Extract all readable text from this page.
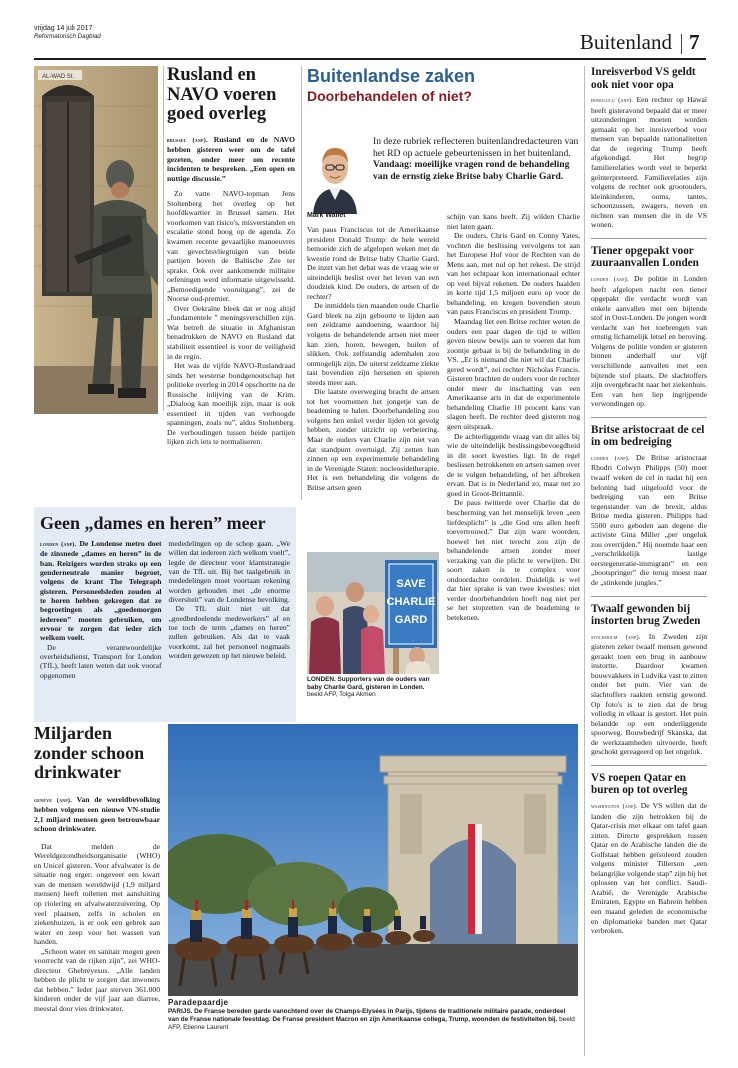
vrijdag 14 juli 2017
Reformatorisch Dagblad	Buitenland 7
AL-WAD St.	Rusland en NAVO voeren goed overleg

brussel (anp). Rusland en de NAVO hebben gisteren weer om de tafel gezeten, onder meer om recente incidenten te bespreken. „Een open en nuttige discussie.”

Zo vatte NAVO-topman Jens Stoltenberg het overleg op het hoofdkwartier in Brussel samen. Het voorkomen van risico's, misverstanden en escalatie stond hoog op de agenda. Zo kwamen recente gevaarlijke manoeuvres van gevechtsvliegtuigen van beide partijen boven de Baltische Zee ter sprake. Ook over aankomende militaire oefeningen werd informatie uitgewisseld. „Bemoedigende vooruitgang”, zei de Noorse oud-premier.

Over Oekraïne bleek dat er nog altijd „fundamentele ” meningsverschillen zijn. Wat betreft de situatie in Afghanistan benadrukken de NAVO en Rusland dat stabiliteit essentieel is voor de veiligheid in de regio.

Het was de vijfde NAVO-Ruslandraad sinds het westerse bondgenootschap het politieke overleg in 2014 opschortte na de Russische inlijving van de Krim. „Dialoog kan moeilijk zijn, maar is ook essentieel in tijden van verhoogde spanningen, zoals nu”, aldus Stoltenberg. De verhoudingen tussen beide partijen lijken zich iets te normaliseren.

Buitenlandse zaken
Doorbehandelen of niet?
Mark Wallet

In deze rubriek reflecteren buitenlandredacteuren van het RD op actuele gebeurtenissen in het buitenland. Vandaag: moeilijke vragen rond de behandeling van de ernstig zieke Britse baby Charlie Gard.

Van paus Franciscus tot de Amerikaanse president Donald Trump: de hele wereld bemoeide zich de afgelopen weken met de kwestie rond de Britse baby Charlie Gard. De inzet van het debat was de vraag wie er uiteindelijk beslist over het leven van een doodziek kind. De ouders, de artsen of de rechter?

De inmiddels tien maanden oude Charlie Gard bleek na zijn geboorte te lijden aan een zeldzame aandoening, waardoor hij volgens de behandelende artsen niet meer kan zien, horen, bewegen, huilen of slikken. Ook zelfstandig ademhalen zou onmogelijk zijn. De uiterst zeldzame ziekte tast bovendien zijn hersenen en spieren steeds meer aan.

Die laatste overweging bracht de artsen tot het voornemen het jongetje van de beademing te halen. Doorbehandeling zou volgens hen enkel verder lijden tot gevolg hebben, zonder uitzicht op verbetering. Maar de ouders van Charlie zijn niet van dat standpunt overtuigd. Zij zetten hun zinnen op een experimentele behandeling in de Verenigde Staten: nucleosidetherapie. Het is een behandeling die volgens de Britse artsen geen

schijn van kans heeft. Zij wilden Charlie niet laten gaan.

De ouders, Chris Gard en Conny Yates, vochten die beslissing vervolgens tot aan het Europese Hof voor de Rechten van de Mens aan, met nul op het rekest. De strijd van het echtpaar kon internationaal echter op veel bijval rekenen. De ouders haalden in korte tijd 1,5 miljoen euro op voor de behandeling, en kregen bovendien steun van paus Franciscus en president Trump.

Maandag liet een Britse rechter weten de ouders een paar dagen de tijd te willen geven nieuw bewijs aan te voeren dat hun zoontje gebaat is bij de behandeling in de VS. „Er is niemand die niet wil dat Charlie gered wordt”, zei rechter Nicholas Francis. Gisteren brachten de ouders voor de rechter onder meer de inschatting van een Amerikaanse arts in dat de experimentele behandeling Charlie 10 procent kans van slagen heeft. De rechter deed gisteren nog geen uitspraak.

De achterliggende vraag van dit alles bij wie de uiteindelijk beslissingsbevoegdheid in dit soort kwesties ligt. In de regel beslissen betrokkenen en artsen samen over de te volgen behandeling, of het afbreken ervan. Dat is in Nederland zo, maar net zo goed in Groot-Brittannië.

De paus twitterde over Charlie dat de bescherming van het menselijk leven „een liefdesplicht” is „die God ons allen heeft toevertrouwd.” Dat zijn ware woorden, hoewel het niet terecht zou zijn de behandelende artsen zonder meer verzaking van die plicht te verwijten. Dit soort zaken is te complex voor ondoordachte oordelen. Duidelijk is wel dat hier sprake is van twee kwesties: niet verder doorbehandelen hoeft nog niet per se het stopzetten van de beademing te betekenen.

SAVE
CHARLIE
GARD
LONDEN. Supporters van de ouders van baby Charlie Gard, gisteren in Londen. beeld AFP, Tolga Akmen
Geen „dames en heren” meer

londen (anp). De Londense metro doet de zinsnede „dames en heren” in de ban. Reizigers worden straks op een genderneutrale manier begroet, volgens de krant The Telegraph gisteren. Personeelsleden zouden al te horen hebben gekregen dat ze begroetingen als „goedemorgen iedereen” moeten gebruiken, om ervoor te zorgen dat ieder zich welkom voelt.

De verantwoordelijke overheidsdienst, Transport for London (TfL), heeft laten weten dat ook vooraf opgenomen

mededelingen op de schop gaan. „We willen dat iedereen zich welkom voelt”, legde de directeur voor klantstrategie van de TfL uit. Bij het taalgebruik in mededelingen moet voortaan rekening worden gehouden met „de enorme diversiteit” van de Londense bevolking.

De TfL sluit niet uit dat „goedbedoelende medewerkers” af en toe toch de term „dames en heren” zullen gebruiken. Als dat te vaak voorkomt, zal het personeel nogmaals worden gewezen op het nieuwe beleid.

Miljarden zonder schoon drinkwater

genève (anp). Van de wereldbevolking hebben volgens een nieuwe VN-studie 2,1 miljard mensen geen betrouwbaar schoon drinkwater.

Dat melden de Wereldgezondheidsorganisatie (WHO) en Unicef gisteren. Voor afvalwater is de situatie nog erger: ongeveer een kwart van de mensen wereldwijd (1,9 miljard mensen) heeft toiletten met aansluiting op riolering en afvalwaterzuivering. Op veel plaatsen, zelfs in scholen en ziekenhuizen, is er ook een gebrek aan water en zeep voor het wassen van handen.

„Schoon water en sanitair mogen geen voorrecht van de rijken zijn”, zei WHO-directeur Ghebreyesus. „Alle landen hebben de plicht te zorgen dat inwoners dat hebben.” Ieder jaar sterven 361.000 kinderen onder de vijf jaar aan diarree, meestal door vies drinkwater.

Paradepaardje
PARIJS. De Franse bereden garde vanochtend over de Champs-Elysées in Parijs, tijdens de traditionele militaire parade, onderdeel van de Franse nationale feestdag. De Franse president Macron en zijn Amerikaanse collega, Trump, woonden de festiviteiten bij. beeld AFP, Etienne Laurent
Inreisverbod VS geldt ook niet voor opa

honolulu (anp). Een rechter op Hawaï heeft gisteravond bepaald dat er meer uitzonderingen moeten worden gemaakt op het inreisverbod voor mensen van bepaalde nationaliteiten dat de regering Trump heeft afgekondigd. Het begrip familierelaties wordt veel te beperkt geïnterpreteerd. Familierelaties zijn volgens de rechter ook grootouders, kleinkinderen, ooms, tantes, schoonzussen, zwagers, neven en nichten van mensen die in de VS wonen.

Tiener opgepakt voor zuuraanvallen Londen

londen (anp). De politie in Londen heeft afgelopen nacht een tiener opgepakt die verdacht wordt van enkele aanvallen met een bijtende stof in Oost-Londen. De jongen wordt verdacht van het toebrengen van ernstig lichamelijk letsel en beroving. Volgens de politie vonden er gisteren binnen anderhalf uur vijf verschillende aanvallen met een bijtende stof plaats. De slachtoffers zijn overgebracht naar het ziekenhuis. Een van hen liep ingrijpende verwondingen op.

Britse aristocraat de cel in om bedreiging

londen (anp). De Britse aristocraat Rhodri Colwyn Philipps (50) moet twaalf weken de cel in nadat hij een beloning had uitgeloofd voor de bedreiging van een Britse tegenstander van de brexit, aldus Britse media gisteren. Philipps had 5500 euro geboden aan degene die activiste Gina Miller „per ongeluk zou overrijden.” Hij noemde haar een „verschrikkelijk lastige eerstegeneratie-immigrant” en een „bootspringer” die terug moest naar de „stinkende jungles.”

Twaalf gewonden bij instorten brug Zweden

stockholm (anp). In Zweden zijn gisteren zeker twaalf mensen gewond geraakt toen een brug in aanbouw instortte. Daardoor kwamen bouwvakkers in Ludvika vast te zitten onder het puin. Vier van de slachtoffers raakten ernstig gewond. Op foto's is te zien dat de brug volledig in elkaar is gestort. Het puin belandde op een onderliggende spoorweg. Bouwbedrijf Skanska, dat de werkzaamheden uitvoerde, heeft geschokt gereageerd op het ongeluk.

VS roepen Qatar en buren op tot overleg

washington (anp). De VS willen dat de landen die zijn betrokken bij de Qatar-crisis met elkaar om tafel gaan zitten. Directe gesprekken tussen Qatar en de Arabische landen die de Golfstaat hebben geïsoleerd zouden volgens minister Tillerson „een belangrijke volgende stap” zijn bij het oplossen van het conflict. Saudi-Arabië, de Verenigde Arabische Emiraten, Egypte en Bahrein hebben een maand geleden de economische en diplomatieke banden met Qatar verbroken.
